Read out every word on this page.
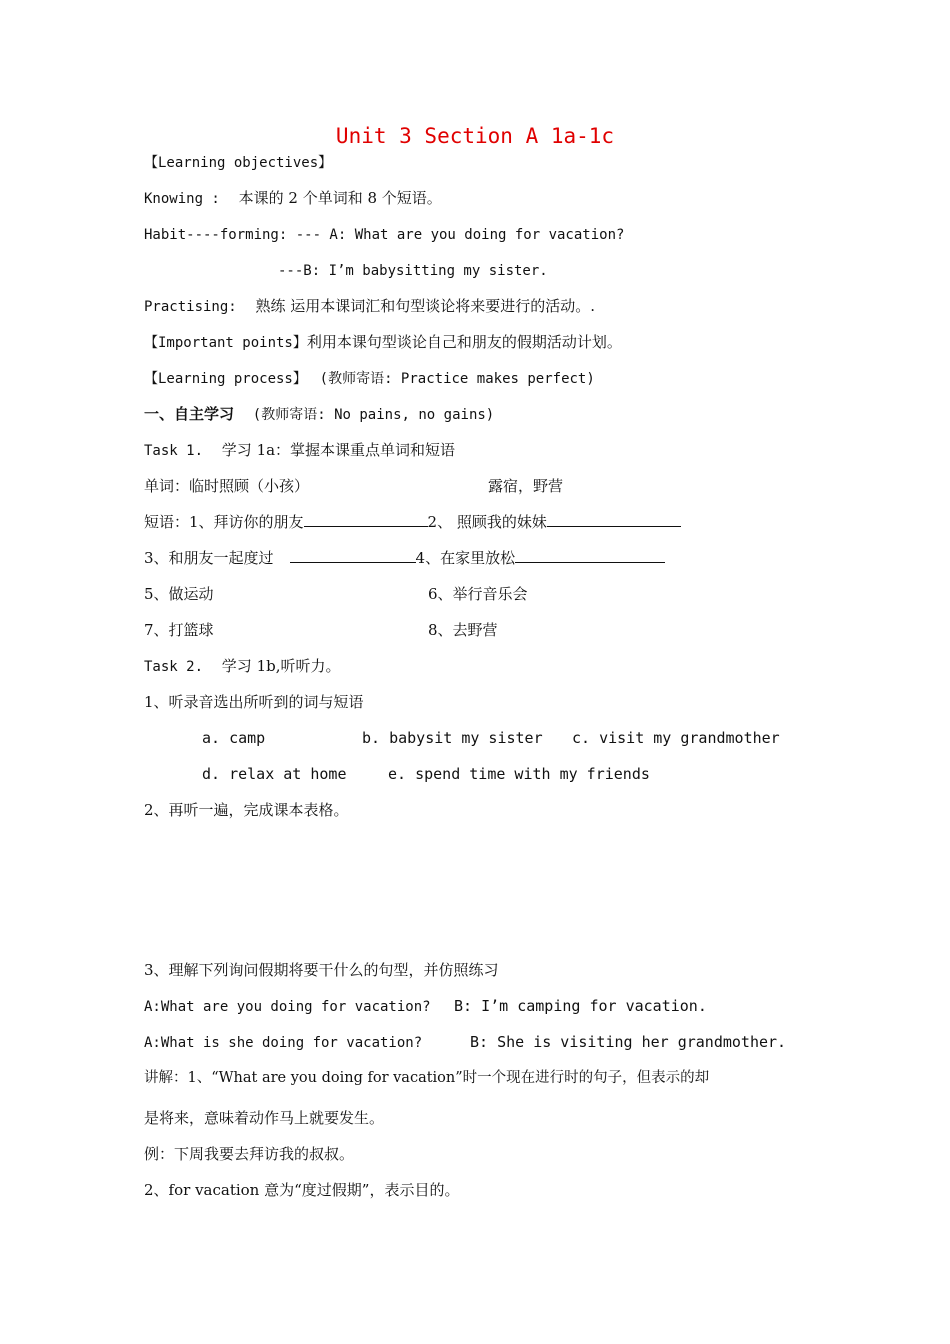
Unit 3 Section A 1a-1c
【Learning objectives】
Knowing : 本课的 2 个单词和 8 个短语。
Habit----forming: --- A: What are you doing for vacation?
---B: I’m babysitting my sister.
Practising: 熟练 运用本课词汇和句型谈论将来要进行的活动。.
【Important points】利用本课句型谈论自己和朋友的假期活动计划。
【Learning process】 (教师寄语: Practice makes perfect)
一、自主学习 (教师寄语: No pains, no gains)
Task 1. 学习 1a：掌握本课重点单词和短语
单词：临时照顾（小孩）	露宿，野营
短语：1、拜访你的朋友	2、 照顾我的妹妹
3、和朋友一起度过	4、在家里放松
5、做运动	6、举行音乐会
7、打篮球	8、去野营
Task 2. 学习 1b,听听力。
1、听录音选出所听到的词与短语
a. camp	b. babysit my sister c. visit my grandmother
d. relax at home	e. spend time with my friends
2、再听一遍，完成课本表格。
3、理解下列询问假期将要干什么的句型，并仿照练习
A:What are you doing for vacation? B: I’m camping for vacation.
A:What is she doing for vacation?	B: She is visiting her grandmother.
讲解：1、“What are you doing for vacation”时一个现在进行时的句子，但表示的却
是将来，意味着动作马上就要发生。
例：下周我要去拜访我的叔叔。
2、for vacation 意为“度过假期”，表示目的。
